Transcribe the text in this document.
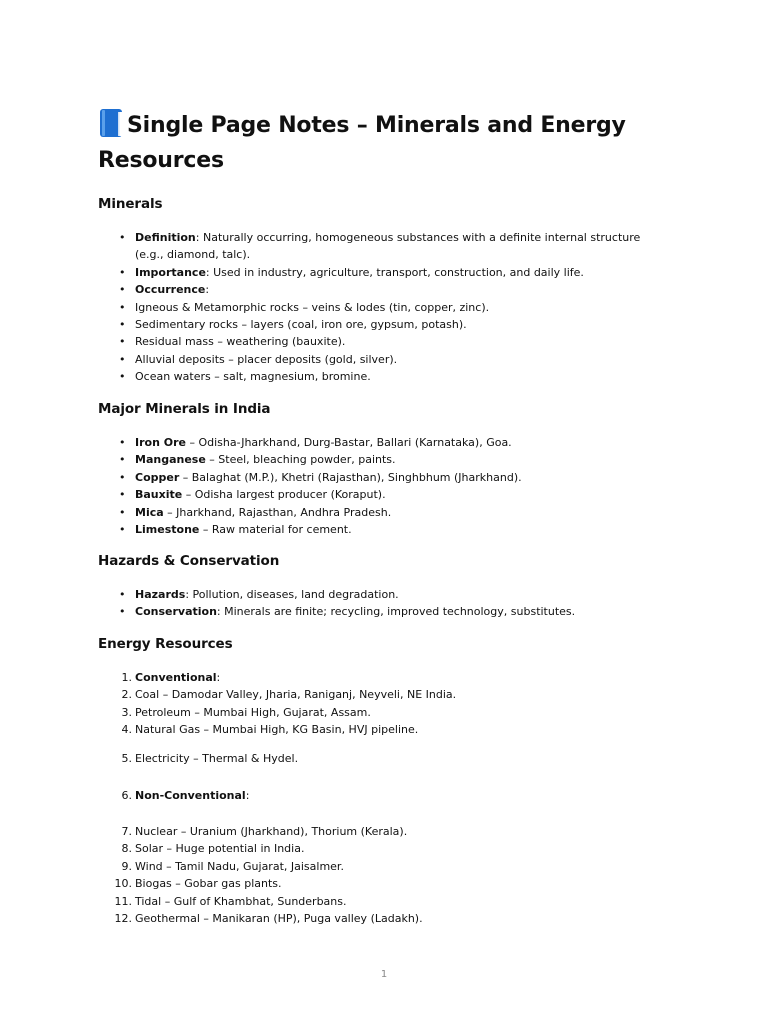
Single Page Notes – Minerals and Energy Resources
Minerals
• Definition: Naturally occurring, homogeneous substances with a definite internal structure (e.g., diamond, talc).
• Importance: Used in industry, agriculture, transport, construction, and daily life.
• Occurrence:
• Igneous & Metamorphic rocks – veins & lodes (tin, copper, zinc).
• Sedimentary rocks – layers (coal, iron ore, gypsum, potash).
• Residual mass – weathering (bauxite).
• Alluvial deposits – placer deposits (gold, silver).
• Ocean waters – salt, magnesium, bromine.
Major Minerals in India
• Iron Ore – Odisha-Jharkhand, Durg-Bastar, Ballari (Karnataka), Goa.
• Manganese – Steel, bleaching powder, paints.
• Copper – Balaghat (M.P.), Khetri (Rajasthan), Singhbhum (Jharkhand).
• Bauxite – Odisha largest producer (Koraput).
• Mica – Jharkhand, Rajasthan, Andhra Pradesh.
• Limestone – Raw material for cement.
Hazards & Conservation
• Hazards: Pollution, diseases, land degradation.
• Conservation: Minerals are finite; recycling, improved technology, substitutes.
Energy Resources
1. Conventional:
2. Coal – Damodar Valley, Jharia, Raniganj, Neyveli, NE India.
3. Petroleum – Mumbai High, Gujarat, Assam.
4. Natural Gas – Mumbai High, KG Basin, HVJ pipeline.
5. Electricity – Thermal & Hydel.
6. Non-Conventional:
7. Nuclear – Uranium (Jharkhand), Thorium (Kerala).
8. Solar – Huge potential in India.
9. Wind – Tamil Nadu, Gujarat, Jaisalmer.
10. Biogas – Gobar gas plants.
11. Tidal – Gulf of Khambhat, Sunderbans.
12. Geothermal – Manikaran (HP), Puga valley (Ladakh).
1
